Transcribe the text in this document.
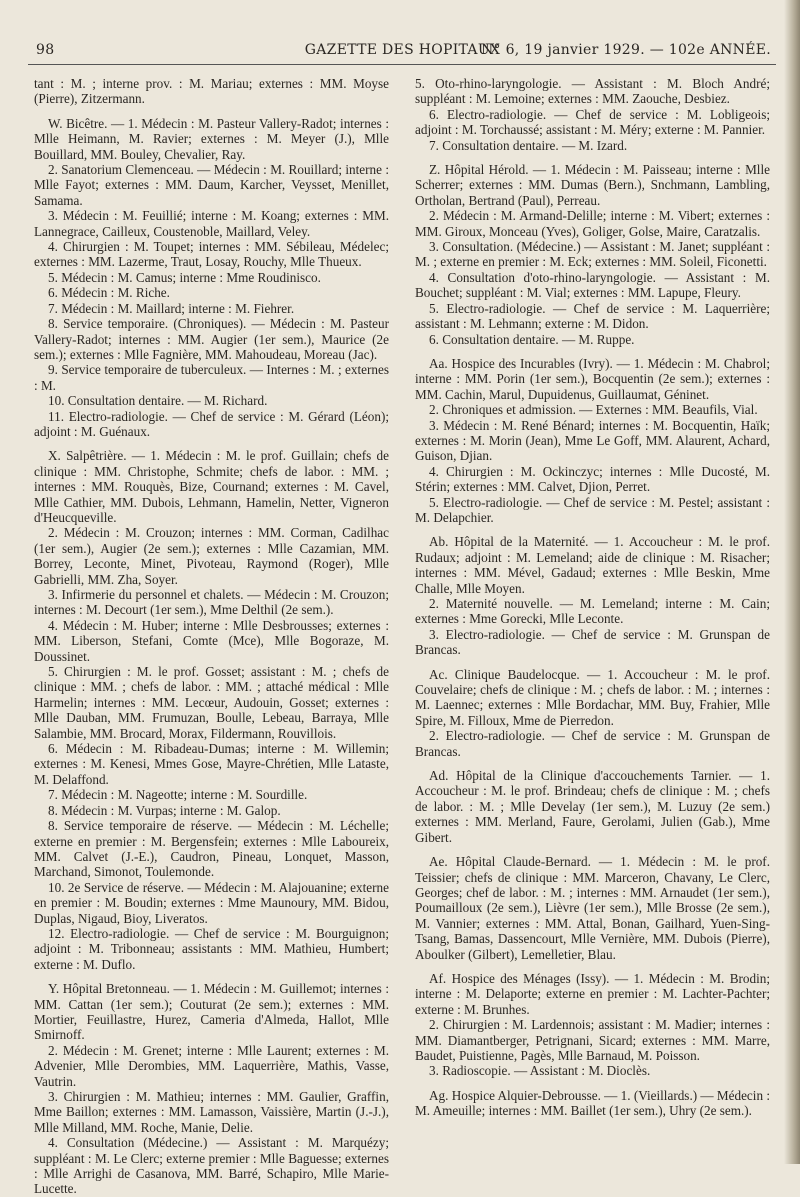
98	GAZETTE DES HOPITAUX
N° 6, 19 janvier 1929. — 102e ANNÉE.

tant : M. ; interne prov. : M. Mariau; externes : MM. Moyse (Pierre), Zitzermann.

W. Bicêtre. — 1. Médecin : M. Pasteur Vallery-Radot; internes : Mlle Heimann, M. Ravier; externes : M. Meyer (J.), Mlle Bouillard, MM. Bouley, Chevalier, Ray.

2. Sanatorium Clemenceau. — Médecin : M. Rouillard; interne : Mlle Fayot; externes : MM. Daum, Karcher, Veysset, Menillet, Samama.

3. Médecin : M. Feuillié; interne : M. Koang; externes : MM. Lannegrace, Cailleux, Coustenoble, Maillard, Veley.

4. Chirurgien : M. Toupet; internes : MM. Sébileau, Médelec; externes : MM. Lazerme, Traut, Losay, Rouchy, Mlle Thueux.

5. Médecin : M. Camus; interne : Mme Roudinisco.

6. Médecin : M. Riche.

7. Médecin : M. Maillard; interne : M. Fiehrer.

8. Service temporaire. (Chroniques). — Médecin : M. Pasteur Vallery-Radot; internes : MM. Augier (1er sem.), Maurice (2e sem.); externes : Mlle Fagnière, MM. Mahoudeau, Moreau (Jac).

9. Service temporaire de tuberculeux. — Internes : M. ; externes : M.

10. Consultation dentaire. — M. Richard.

11. Electro-radiologie. — Chef de service : M. Gérard (Léon); adjoint : M. Guénaux.

X. Salpêtrière. — 1. Médecin : M. le prof. Guillain; chefs de clinique : MM. Christophe, Schmite; chefs de labor. : MM. ; internes : MM. Rouquès, Bize, Cournand; externes : M. Cavel, Mlle Cathier, MM. Dubois, Lehmann, Hamelin, Netter, Vigneron d'Heucqueville.

2. Médecin : M. Crouzon; internes : MM. Corman, Cadilhac (1er sem.), Augier (2e sem.); externes : Mlle Cazamian, MM. Borrey, Leconte, Minet, Pivoteau, Raymond (Roger), Mlle Gabrielli, MM. Zha, Soyer.

3. Infirmerie du personnel et chalets. — Médecin : M. Crouzon; internes : M. Decourt (1er sem.), Mme Delthil (2e sem.).

4. Médecin : M. Huber; interne : Mlle Desbrousses; externes : MM. Liberson, Stefani, Comte (Mce), Mlle Bogoraze, M. Doussinet.

5. Chirurgien : M. le prof. Gosset; assistant : M. ; chefs de clinique : MM. ; chefs de labor. : MM. ; attaché médical : Mlle Harmelin; internes : MM. Lecœur, Audouin, Gosset; externes : Mlle Dauban, MM. Frumuzan, Boulle, Lebeau, Barraya, Mlle Salambie, MM. Brocard, Morax, Fildermann, Rouvillois.

6. Médecin : M. Ribadeau-Dumas; interne : M. Willemin; externes : M. Kenesi, Mmes Gose, Mayre-Chrétien, Mlle Lataste, M. Delaffond.

7. Médecin : M. Nageotte; interne : M. Sourdille.

8. Médecin : M. Vurpas; interne : M. Galop.

8. Service temporaire de réserve. — Médecin : M. Léchelle; externe en premier : M. Bergensfein; externes : Mlle Laboureix, MM. Calvet (J.-E.), Caudron, Pineau, Lonquet, Masson, Marchand, Simonot, Toulemonde.

10. 2e Service de réserve. — Médecin : M. Alajouanine; externe en premier : M. Boudin; externes : Mme Maunoury, MM. Bidou, Duplas, Nigaud, Bioy, Liveratos.

12. Electro-radiologie. — Chef de service : M. Bourguignon; adjoint : M. Tribonneau; assistants : MM. Mathieu, Humbert; externe : M. Duflo.

Y. Hôpital Bretonneau. — 1. Médecin : M. Guillemot; internes : MM. Cattan (1er sem.); Couturat (2e sem.); externes : MM. Mortier, Feuillastre, Hurez, Cameria d'Almeda, Hallot, Mlle Smirnoff.

2. Médecin : M. Grenet; interne : Mlle Laurent; externes : M. Advenier, Mlle Derombies, MM. Laquerrière, Mathis, Vasse, Vautrin.

3. Chirurgien : M. Mathieu; internes : MM. Gaulier, Graffin, Mme Baillon; externes : MM. Lamasson, Vaissière, Martin (J.-J.), Mlle Milland, MM. Roche, Manie, Delie.

4. Consultation (Médecine.) — Assistant : M. Marquézy; suppléant : M. Le Clerc; externe premier : Mlle Baguesse; externes : Mlle Arrighi de Casanova, MM. Barré, Schapiro, Mlle Marie-Lucette.

5. Oto-rhino-laryngologie. — Assistant : M. Bloch André; suppléant : M. Lemoine; externes : MM. Zaouche, Desbiez.

6. Electro-radiologie. — Chef de service : M. Lobligeois; adjoint : M. Torchaussé; assistant : M. Méry; externe : M. Pannier.

7. Consultation dentaire. — M. Izard.

Z. Hôpital Hérold. — 1. Médecin : M. Paisseau; interne : Mlle Scherrer; externes : MM. Dumas (Bern.), Snchmann, Lambling, Ortholan, Bertrand (Paul), Perreau.

2. Médecin : M. Armand-Delille; interne : M. Vibert; externes : MM. Giroux, Monceau (Yves), Goliger, Golse, Maire, Caratzalis.

3. Consultation. (Médecine.) — Assistant : M. Janet; suppléant : M. ; externe en premier : M. Eck; externes : MM. Soleil, Ficonetti.

4. Consultation d'oto-rhino-laryngologie. — Assistant : M. Bouchet; suppléant : M. Vial; externes : MM. Lapupe, Fleury.

5. Electro-radiologie. — Chef de service : M. Laquerrière; assistant : M. Lehmann; externe : M. Didon.

6. Consultation dentaire. — M. Ruppe.

Aa. Hospice des Incurables (Ivry). — 1. Médecin : M. Chabrol; interne : MM. Porin (1er sem.), Bocquentin (2e sem.); externes : MM. Cachin, Marul, Dupuidenus, Guillaumat, Géninet.

2. Chroniques et admission. — Externes : MM. Beaufils, Vial.

3. Médecin : M. René Bénard; internes : M. Bocquentin, Haïk; externes : M. Morin (Jean), Mme Le Goff, MM. Alaurent, Achard, Guison, Djian.

4. Chirurgien : M. Ockinczyc; internes : Mlle Ducosté, M. Stérin; externes : MM. Calvet, Djion, Perret.

5. Electro-radiologie. — Chef de service : M. Pestel; assistant : M. Delapchier.

Ab. Hôpital de la Maternité. — 1. Accoucheur : M. le prof. Rudaux; adjoint : M. Lemeland; aide de clinique : M. Risacher; internes : MM. Mével, Gadaud; externes : Mlle Beskin, Mme Challe, Mlle Moyen.

2. Maternité nouvelle. — M. Lemeland; interne : M. Cain; externes : Mme Gorecki, Mlle Leconte.

3. Electro-radiologie. — Chef de service : M. Grunspan de Brancas.

Ac. Clinique Baudelocque. — 1. Accoucheur : M. le prof. Couvelaire; chefs de clinique : M. ; chefs de labor. : M. ; internes : M. Laennec; externes : Mlle Bordachar, MM. Buy, Frahier, Mlle Spire, M. Filloux, Mme de Pierredon.

2. Electro-radiologie. — Chef de service : M. Grunspan de Brancas.

Ad. Hôpital de la Clinique d'accouchements Tarnier. — 1. Accoucheur : M. le prof. Brindeau; chefs de clinique : M. ; chefs de labor. : M. ; Mlle Develay (1er sem.), M. Luzuy (2e sem.) externes : MM. Merland, Faure, Gerolami, Julien (Gab.), Mme Gibert.

Ae. Hôpital Claude-Bernard. — 1. Médecin : M. le prof. Teissier; chefs de clinique : MM. Marceron, Chavany, Le Clerc, Georges; chef de labor. : M. ; internes : MM. Arnaudet (1er sem.), Poumailloux (2e sem.), Lièvre (1er sem.), Mlle Brosse (2e sem.), M. Vannier; externes : MM. Attal, Bonan, Gailhard, Yuen-Sing-Tsang, Bamas, Dassencourt, Mlle Vernière, MM. Dubois (Pierre), Aboulker (Gilbert), Lemelletier, Blau.

Af. Hospice des Ménages (Issy). — 1. Médecin : M. Brodin; interne : M. Delaporte; externe en premier : M. Lachter-Pachter; externe : M. Brunhes.

2. Chirurgien : M. Lardennois; assistant : M. Madier; internes : MM. Diamantberger, Petrignani, Sicard; externes : MM. Marre, Baudet, Puistienne, Pagès, Mlle Barnaud, M. Poisson.

3. Radioscopie. — Assistant : M. Dioclès.

Ag. Hospice Alquier-Debrousse. — 1. (Vieillards.) — Médecin : M. Ameuille; internes : MM. Baillet (1er sem.), Uhry (2e sem.).
